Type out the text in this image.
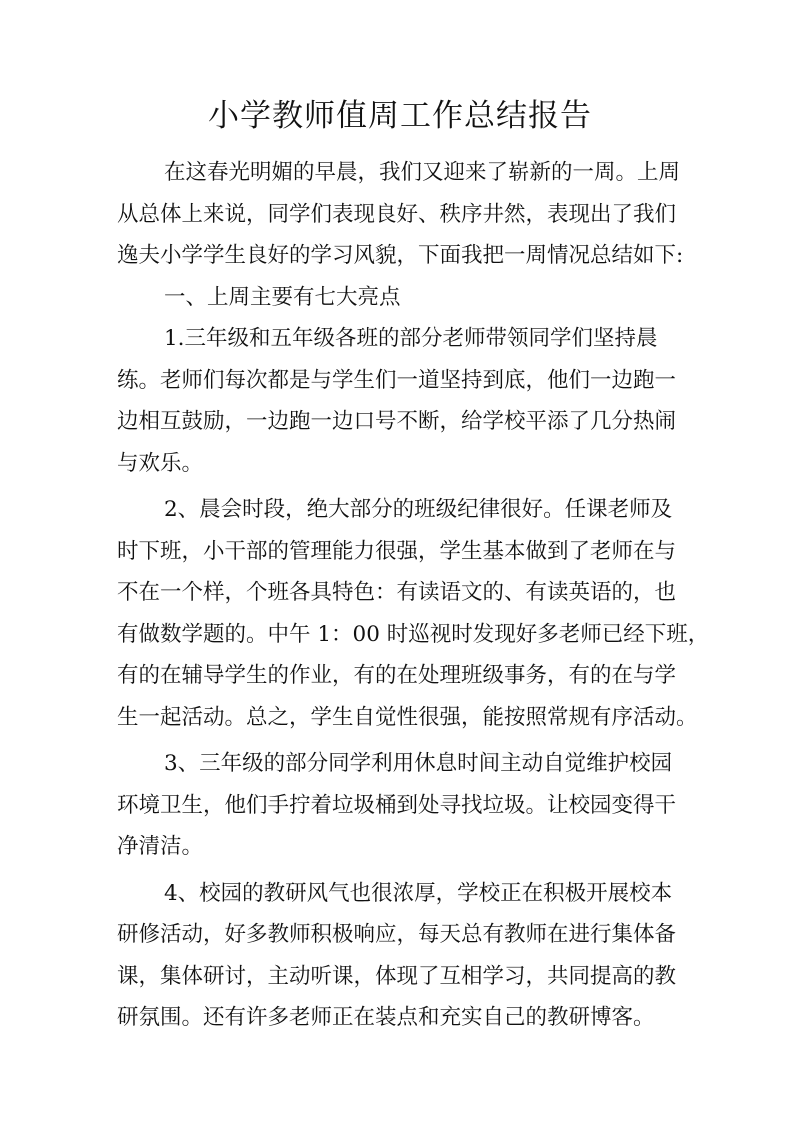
小学教师值周工作总结报告
在这春光明媚的早晨，我们又迎来了崭新的一周。上周
从总体上来说，同学们表现良好、秩序井然，表现出了我们
逸夫小学学生良好的学习风貌，下面我把一周情况总结如下:
一、上周主要有七大亮点
1.三年级和五年级各班的部分老师带领同学们坚持晨
练。老师们每次都是与学生们一道坚持到底，他们一边跑一
边相互鼓励，一边跑一边口号不断，给学校平添了几分热闹
与欢乐。
2、晨会时段，绝大部分的班级纪律很好。任课老师及
时下班，小干部的管理能力很强，学生基本做到了老师在与
不在一个样，个班各具特色：有读语文的、有读英语的，也
有做数学题的。中午 1：00 时巡视时发现好多老师已经下班，
有的在辅导学生的作业，有的在处理班级事务，有的在与学
生一起活动。总之，学生自觉性很强，能按照常规有序活动。
3、三年级的部分同学利用休息时间主动自觉维护校园
环境卫生，他们手拧着垃圾桶到处寻找垃圾。让校园变得干
净清洁。
4、校园的教研风气也很浓厚，学校正在积极开展校本
研修活动，好多教师积极响应，每天总有教师在进行集体备
课，集体研讨，主动听课，体现了互相学习，共同提高的教
研氛围。还有许多老师正在装点和充实自己的教研博客。
